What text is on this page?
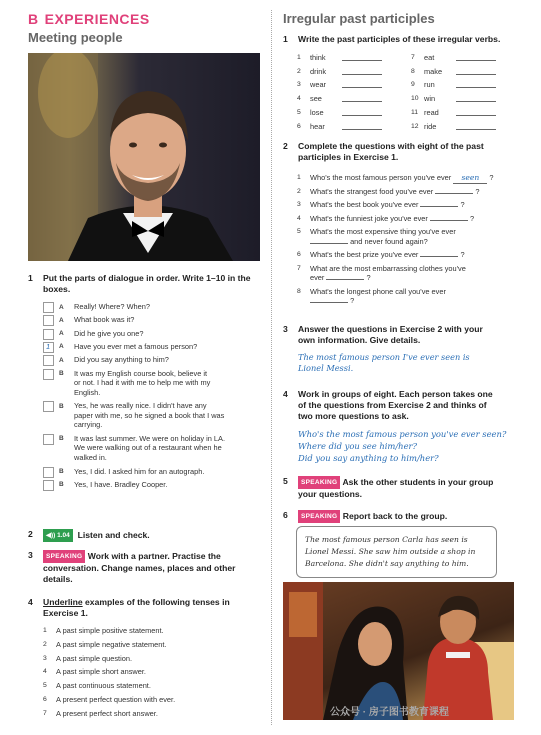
B EXPERIENCES
Meeting people
1 Put the parts of dialogue in order. Write 1–10 in the boxes.
A Really! Where? When?
A What book was it?
A Did he give you one?
1 A Have you ever met a famous person?
A Did you say anything to him?
B It was my English course book, believe it
or not. I had it with me to help me with my
English.
B Yes, he was really nice. I didn't have any
paper with me, so he signed a book that I was
carrying.
B It was last summer. We were on holiday in LA.
We were walking out of a restaurant when he
walked in.
B Yes, I did. I asked him for an autograph.
B Yes, I have. Bradley Cooper.
2	◀)) 1.04 Listen and check.
3	SPEAKING Work with a partner. Practise the
conversation. Change names, places and other
details.
4 Underline examples of the following tenses in
Exercise 1.
1 A past simple positive statement.
2 A past simple negative statement.
3 A past simple question.
4 A past simple short answer.
5 A past continuous statement.
6 A present perfect question with ever.
7 A present perfect short answer.
Irregular past participles
1 Write the past participles of these irregular verbs.
1 think
2 drink
3 wear
4 see
5 lose
6 hear
7 eat
8 make
9 run
10 win
11 read
12 ride
2 Complete the questions with eight of the past
participles in Exercise 1.
1 Who's the most famous person you've ever seen ?
2 What's the strangest food you've ever	?
3 What's the best book you've ever	?
4 What's the funniest joke you've ever	?
5 What's the most expensive thing you've ever
and never found again?
6 What's the best prize you've ever	?
7 What are the most embarrassing clothes you've
ever	?
8 What's the longest phone call you've ever
?
3 Answer the questions in Exercise 2 with your
own information. Give details.
The most famous person I've ever seen is
Lionel Messi.
4 Work in groups of eight. Each person takes one
of the questions from Exercise 2 and thinks of
two more questions to ask.
Who's the most famous person you've ever seen?
Where did you see him/her?
Did you say anything to him/her?
5	SPEAKING Ask the other students in your group
your questions.
6	SPEAKING Report back to the group.
The most famous person Carla has seen is
Lionel Messi. She saw him outside a shop in
Barcelona. She didn't say anything to him.
公众号 · 房子图书教育课程
